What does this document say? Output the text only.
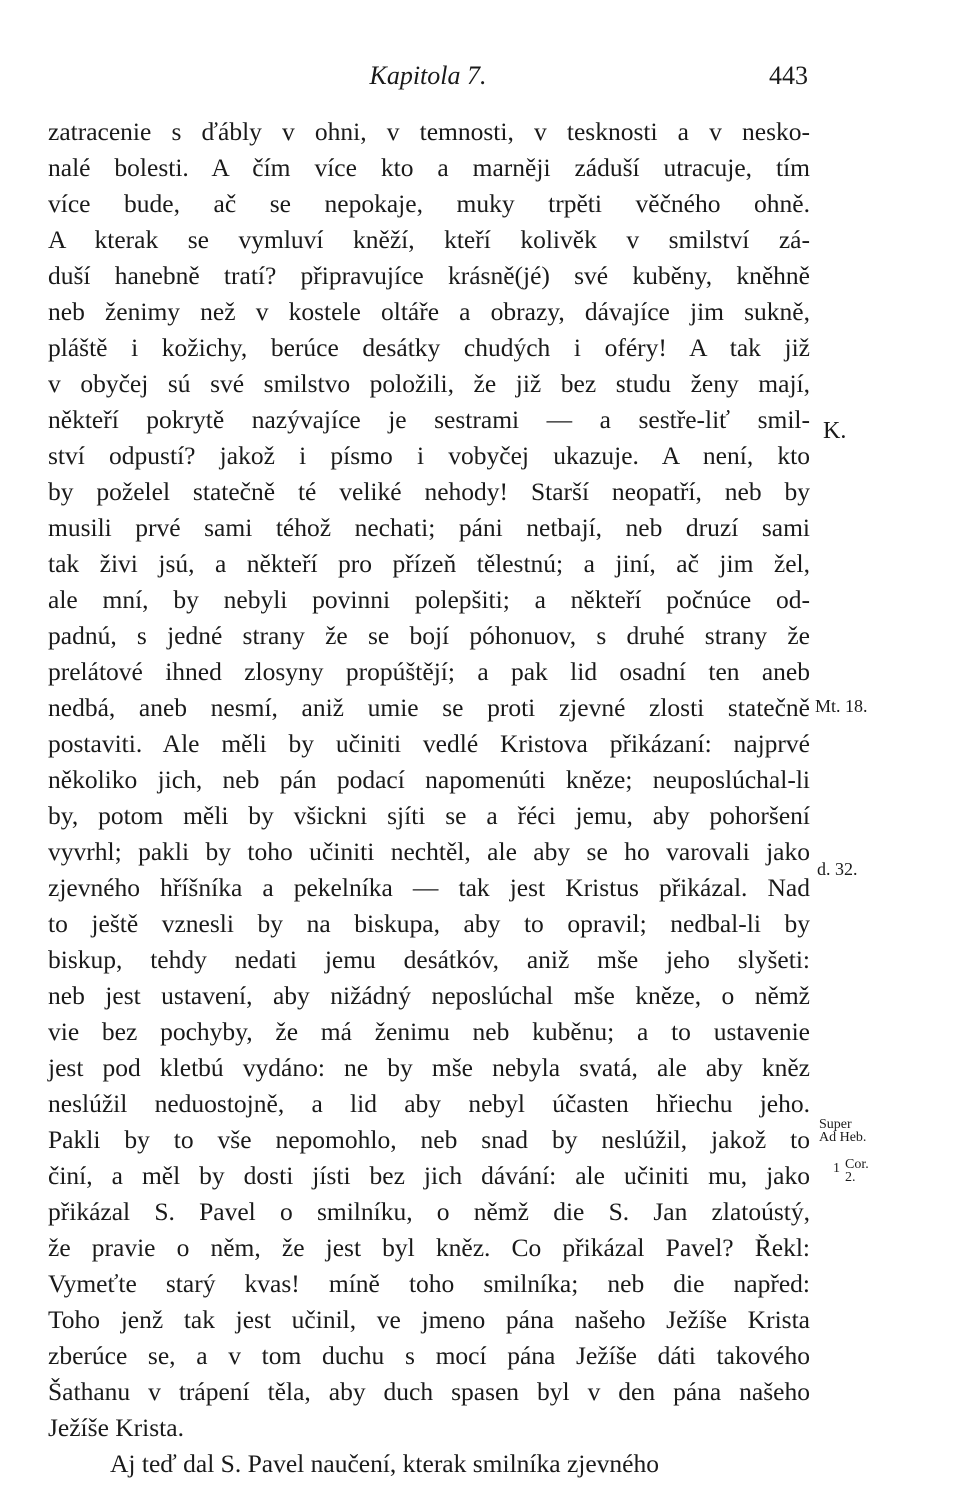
Kapitola 7.	443
zatracenie s ďábly v ohni, v temnosti, v tesknosti a v nesko-
nalé bolesti. A čím více kto a marněji záduší utracuje, tím
více bude, ač se nepokaje, muky trpěti věčného ohně.
A kterak se vymluví kněží, kteří kolivěk v smilství zá-
duší hanebně tratí? připravujíce krásně(jé) své kuběny, kněhně
neb ženimy než v kostele oltáře a obrazy, dávajíce jim sukně,
pláště i kožichy, berúce desátky chudých i oféry! A tak již
v obyčej sú své smilstvo položili, že již bez studu ženy mají,
někteří pokrytě nazývajíce je sestrami — a sestře-liť smil-
ství odpustí? jakož i písmo i vobyčej ukazuje. A není, kto
by poželel statečně té veliké nehody! Starší neopatří, neb by
musili prvé sami téhož nechati; páni netbají, neb druzí sami
tak živi jsú, a někteří pro přízeň tělestnú; a jiní, ač jim žel,
ale mní, by nebyli povinni polepšiti; a někteří počnúce od-
padnú, s jedné strany že se bojí póhonuov, s druhé strany že
prelátové ihned zlosyny propúštějí; a pak lid osadní ten aneb
nedbá, aneb nesmí, aniž umie se proti zjevné zlosti statečně
postaviti. Ale měli by učiniti vedlé Kristova přikázaní: najprvé
několiko jich, neb pán podací napomenúti kněze; neuposlúchal-li
by, potom měli by všickni sjíti se a řéci jemu, aby pohoršení
vyvrhl; pakli by toho učiniti nechtěl, ale aby se ho varovali jako
zjevného hříšníka a pekelníka — tak jest Kristus přikázal. Nad
to ještě vznesli by na biskupa, aby to opravil; nedbal-li by
biskup, tehdy nedati jemu desátkóv, aniž mše jeho slyšeti:
neb jest ustavení, aby nižádný neposlúchal mše kněze, o němž
vie bez pochyby, že má ženimu neb kuběnu; a to ustavenie
jest pod kletbú vydáno: ne by mše nebyla svatá, ale aby kněz
neslúžil neduostojně, a lid aby nebyl účasten hřiechu jeho.
Pakli by to vše nepomohlo, neb snad by neslúžil, jakož to
činí, a měl by dosti jísti bez jich dávání: ale učiniti mu, jako
přikázal S. Pavel o smilníku, o němž die S. Jan zlatoústý,
že pravie o něm, že jest byl kněz. Co přikázal Pavel? Řekl:
Vymeťte starý kvas! míně toho smilníka; neb die napřed:
Toho jenž tak jest učinil, ve jmeno pána našeho Ježíše Krista
zberúce se, a v tom duchu s mocí pána Ježíše dáti takového
Šathanu v trápení těla, aby duch spasen byl v den pána našeho
Ježíše Krista.
Aj teď dal S. Pavel naučení, kterak smilníka zjevného
K.
Mt. 18.
d. 32.
Super
Ad Heb.
1 Cor.
2.
